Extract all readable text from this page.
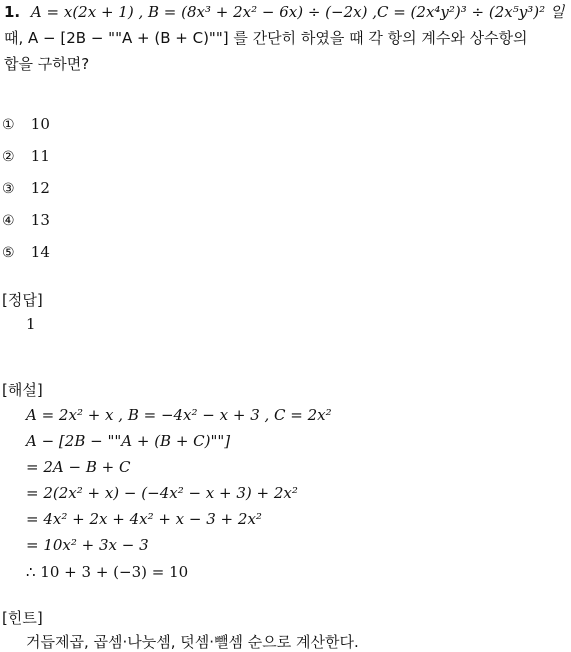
1. A = x(2x + 1) , B = (8x³ + 2x² − 6x) ÷ (−2x) ,C = (2x⁴y²)³ ÷ (2x⁵y³)² 일
때, A − [2B − ""A + (B + C)""] 를 간단히 하였을 때 각 항의 계수와 상수항의
합을 구하면?
① 10
② 11
③ 12
④ 13
⑤ 14
[정답]
1
[해설]
A = 2x² + x , B = −4x² − x + 3 , C = 2x²
A − [2B − ""A + (B + C)""]
= 2A − B + C
= 2(2x² + x) − (−4x² − x + 3) + 2x²
= 4x² + 2x + 4x² + x − 3 + 2x²
= 10x² + 3x − 3
∴ 10 + 3 + (−3) = 10
[힌트]
거듭제곱, 곱셈·나눗셈, 덧셈·뺄셈 순으로 계산한다.
